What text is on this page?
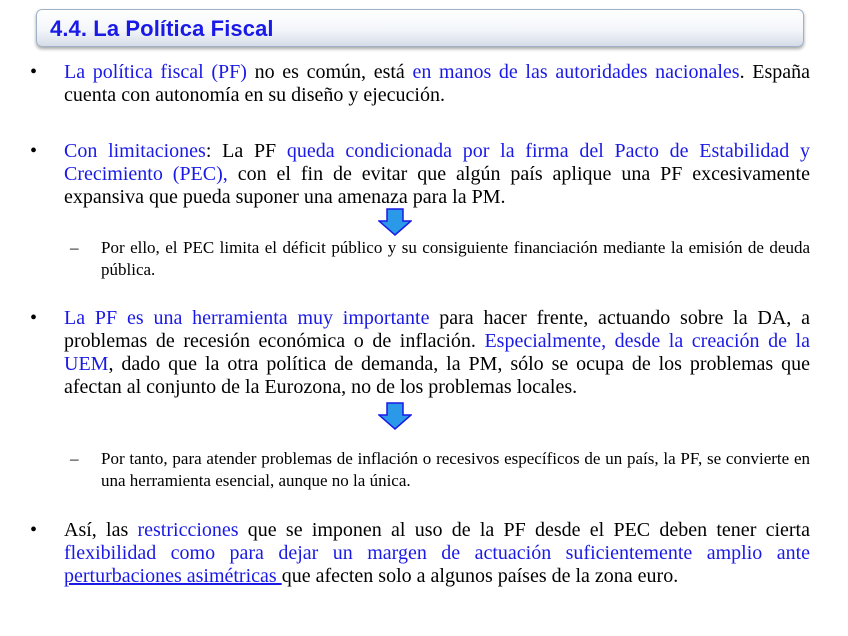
4.4. La Política Fiscal
• La política fiscal (PF) no es común, está en manos de las autoridades nacionales. España cuenta con autonomía en su diseño y ejecución.
• Con limitaciones: La PF queda condicionada por la firma del Pacto de Estabilidad y Crecimiento (PEC), con el fin de evitar que algún país aplique una PF excesivamente expansiva que pueda suponer una amenaza para la PM.
– Por ello, el PEC limita el déficit público y su consiguiente financiación mediante la emisión de deuda pública.
• La PF es una herramienta muy importante para hacer frente, actuando sobre la DA, a problemas de recesión económica o de inflación. Especialmente, desde la creación de la UEM, dado que la otra política de demanda, la PM, sólo se ocupa de los problemas que afectan al conjunto de la Eurozona, no de los problemas locales.
– Por tanto, para atender problemas de inflación o recesivos específicos de un país, la PF, se convierte en una herramienta esencial, aunque no la única.
• Así, las restricciones que se imponen al uso de la PF desde el PEC deben tener cierta flexibilidad como para dejar un margen de actuación suficientemente amplio ante perturbaciones asimétricas que afecten solo a algunos países de la zona euro.
